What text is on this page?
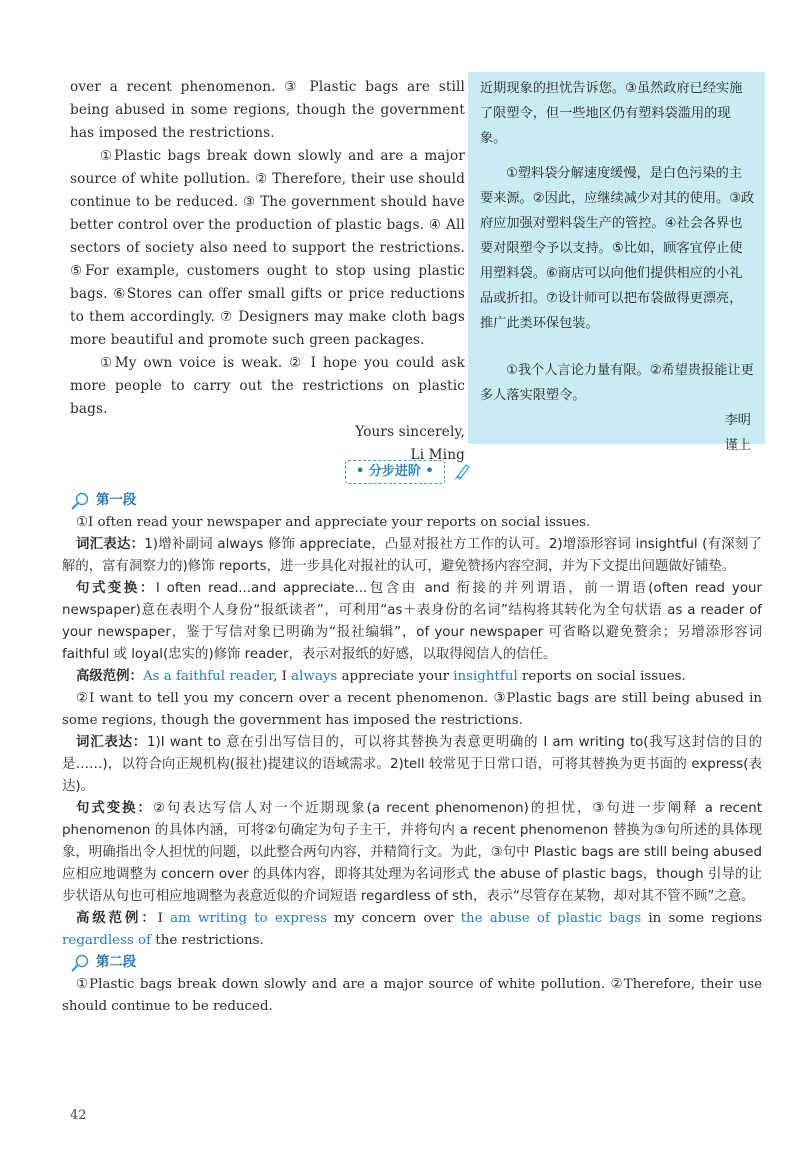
over a recent phenomenon. ③ Plastic bags are still being abused in some regions, though the government has imposed the restrictions.

①Plastic bags break down slowly and are a major source of white pollution. ② Therefore, their use should continue to be reduced. ③ The government should have better control over the production of plastic bags. ④ All sectors of society also need to support the restrictions. ⑤For example, customers ought to stop using plastic bags. ⑥Stores can offer small gifts or price reductions to them accordingly. ⑦ Designers may make cloth bags more beautiful and promote such green packages.

①My own voice is weak. ② I hope you could ask more people to carry out the restrictions on plastic bags.

Yours sincerely,

Li Ming

近期现象的担忧告诉您。③虽然政府已经实施了限塑令，但一些地区仍有塑料袋滥用的现象。

①塑料袋分解速度缓慢，是白色污染的主要来源。②因此，应继续减少对其的使用。③政府应加强对塑料袋生产的管控。④社会各界也要对限塑令予以支持。⑤比如，顾客宜停止使用塑料袋。⑥商店可以向他们提供相应的小礼品或折扣。⑦设计师可以把布袋做得更漂亮，推广此类环保包装。

①我个人言论力量有限。②希望贵报能让更多人落实限塑令。

李明

谨上

• 分步进阶 •
第一段

①I often read your newspaper and appreciate your reports on social issues.

词汇表达：1)增补副词 always 修饰 appreciate，凸显对报社方工作的认可。2)增添形容词 insightful (有深刻了解的，富有洞察力的)修饰 reports，进一步具化对报社的认可，避免赞扬内容空洞，并为下文提出问题做好铺垫。

句式变换：I often read...and appreciate...包含由 and 衔接的并列谓语，前一谓语(often read your newspaper)意在表明个人身份“报纸读者”，可利用“as＋表身份的名词”结构将其转化为全句状语 as a reader of your newspaper，鉴于写信对象已明确为“报社编辑”，of your newspaper 可省略以避免赘余；另增添形容词 faithful 或 loyal(忠实的)修饰 reader，表示对报纸的好感，以取得阅信人的信任。

高级范例：As a faithful reader, I always appreciate your insightful reports on social issues.

②I want to tell you my concern over a recent phenomenon. ③Plastic bags are still being abused in some regions, though the government has imposed the restrictions.

词汇表达：1)I want to 意在引出写信目的，可以将其替换为表意更明确的 I am writing to(我写这封信的目的是……)，以符合向正规机构(报社)提建议的语域需求。2)tell 较常见于日常口语，可将其替换为更书面的 express(表达)。

句式变换：②句表达写信人对一个近期现象(a recent phenomenon)的担忧，③句进一步阐释 a recent phenomenon 的具体内涵，可将②句确定为句子主干，并将句内 a recent phenomenon 替换为③句所述的具体现象，明确指出令人担忧的问题，以此整合两句内容，并精简行文。为此，③句中 Plastic bags are still being abused 应相应地调整为 concern over 的具体内容，即将其处理为名词形式 the abuse of plastic bags，though 引导的让步状语从句也可相应地调整为表意近似的介词短语 regardless of sth，表示“尽管存在某物，却对其不管不顾”之意。

高级范例：I am writing to express my concern over the abuse of plastic bags in some regions regardless of the restrictions.

第二段

①Plastic bags break down slowly and are a major source of white pollution. ②Therefore, their use should continue to be reduced.

42
